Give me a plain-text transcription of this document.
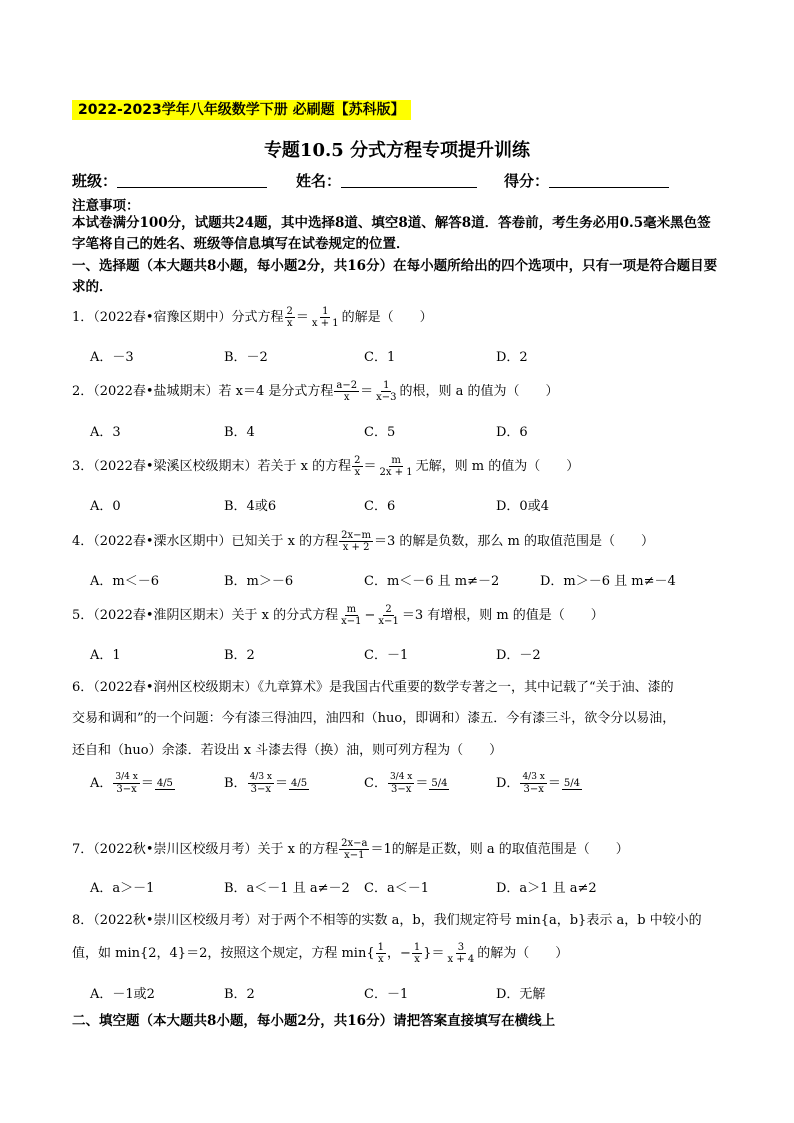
2022-2023学年八年级数学下册 必刷题【苏科版】
专题10.5 分式方程专项提升训练
班级：	姓名：	得分：
注意事项：
本试卷满分100分，试题共24题，其中选择8道、填空8道、解答8道．答卷前，考生务必用0.5毫米黑色签字笔将自己的姓名、班级等信息填写在试卷规定的位置．
一、选择题（本大题共8小题，每小题2分，共16分）在每小题所给出的四个选项中，只有一项是符合题目要求的．
1．（2022春•宿豫区期中）分式方程 $\frac{2}{x} = \frac{1}{x + 1}$ 的解是（　　）
A．－3	B．－2	C．1	D．2
2．（2022春•盐城期末）若 x＝4 是分式方程 $\frac{a-2}{x} = \frac{1}{x-3}$ 的根，则 a 的值为（　　）
A．3	B．4	C．5	D．6
3．（2022春•梁溪区校级期末）若关于 x 的方程 $\frac{2}{x} = \frac{m}{2x + 1}$ 无解，则 m 的值为（　　）
A．0	B．4或6	C．6	D．0或4
4．（2022春•溧水区期中）已知关于 x 的方程 $\frac{2x-m}{x + 2} =3$ 的解是负数，那么 m 的取值范围是（　　）
A．m＜－6	B．m＞－6	C．m＜－6 且 m≠－2	D．m＞－6 且 m≠－4
5．（2022春•淮阴区期末）关于 x 的分式方程 $\frac{m}{x-1} - \frac{2}{x-1} =3$ 有增根，则 m 的值是（　　）
A．1	B．2	C．－1	D．－2
6．（2022春•润州区校级期末）《九章算术》是我国古代重要的数学专著之一，其中记载了“关于油、漆的
交易和调和”的一个问题：今有漆三得油四，油四和（huo，即调和）漆五．今有漆三斗，欲令分以易油，
还自和（huo）余漆．若设出 x 斗漆去得（换）油，则可列方程为（　　）
A． $\frac{3/4 x}{3-x} = 4/5$	B． $\frac{4/3 x}{3-x} = 4/5$	C． $\frac{3/4 x}{3-x} = 5/4$	D． $\frac{4/3 x}{3-x} = 5/4$
7．（2022秋•崇川区校级月考）关于 x 的方程 $\frac{2x-a}{x-1} =1$的解是正数，则 a 的取值范围是（　　）
A．a＞－1	B．a＜－1 且 a≠－2 C．a＜－1	D．a＞1 且 a≠2
8．（2022秋•崇川区校级月考）对于两个不相等的实数 a，b，我们规定符号 min{a，b}表示 a，b 中较小的
值，如 min{2，4}＝2，按照这个规定，方程 $\min\{ \frac{1}{x}$ ，− $\frac{1}{x}$ }＝ $\frac{3}{x + 4}$ 的解为（　　）
A．－1或2	B．2	C．－1	D．无解
二、填空题（本大题共8小题，每小题2分，共16分）请把答案直接填写在横线上
